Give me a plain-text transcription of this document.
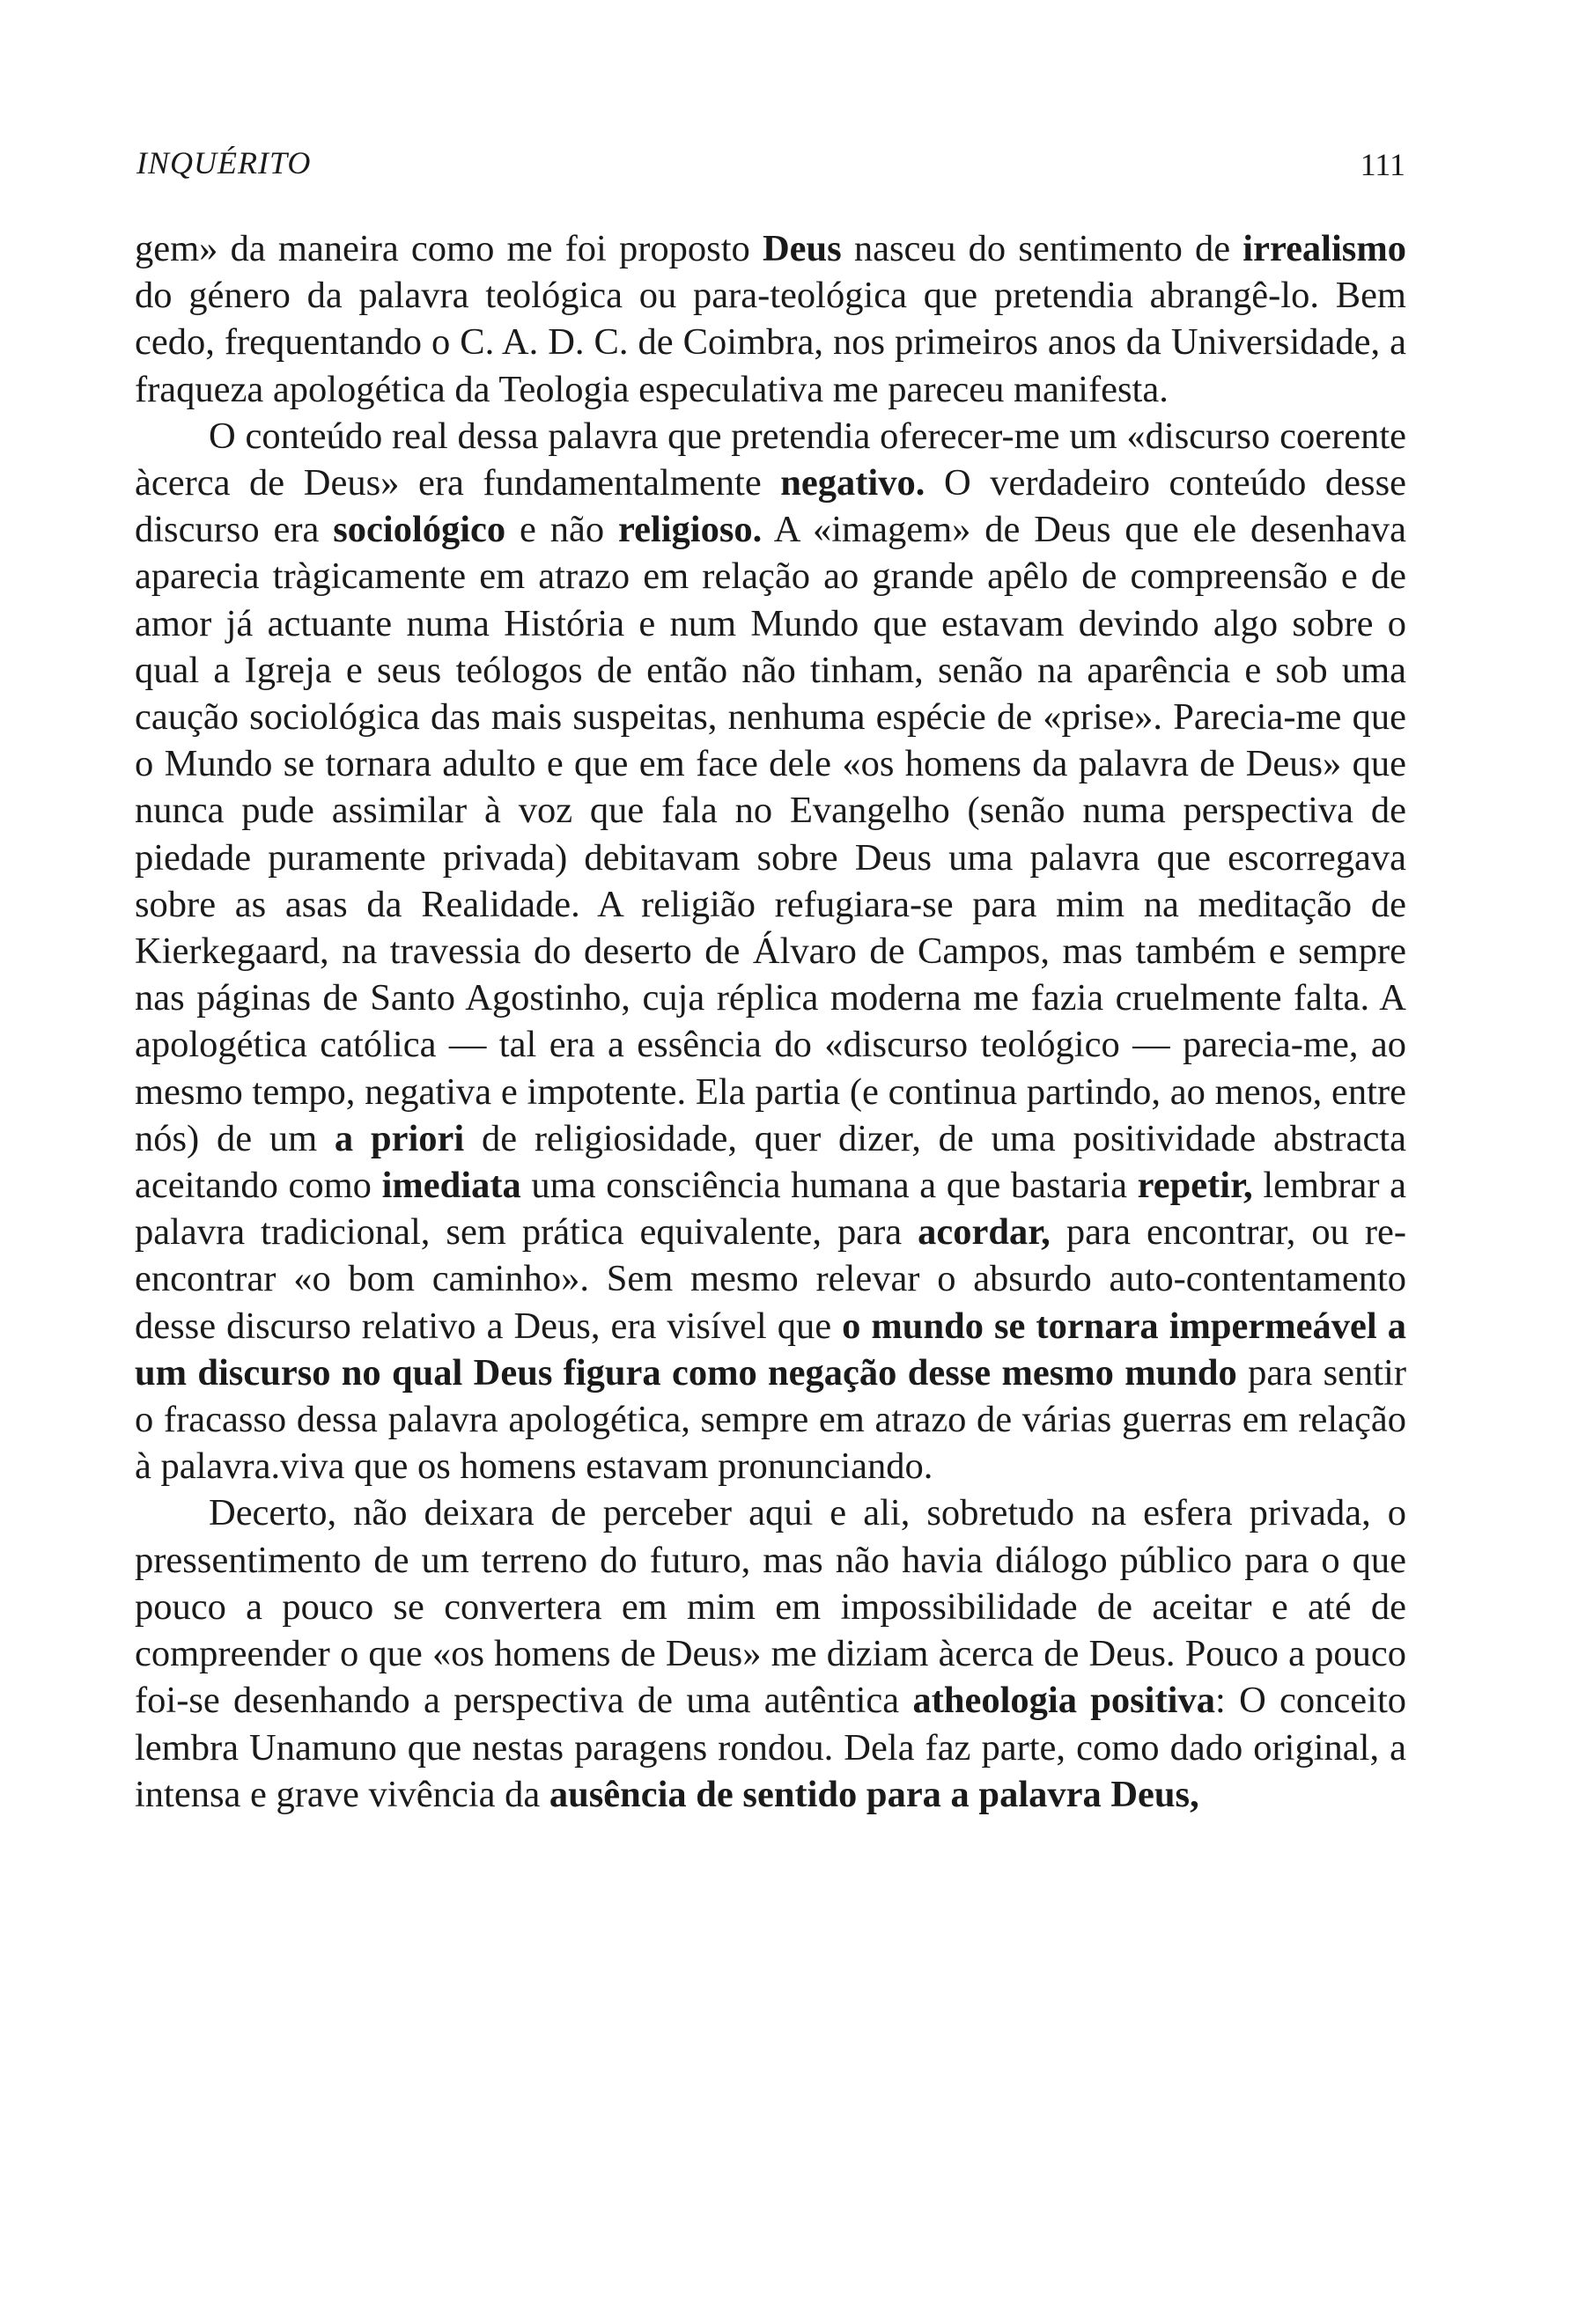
INQUÉRITO	111

gem» da maneira como me foi proposto Deus nasceu do sentimento de irrealismo do género da palavra teológica ou para-teológica que pretendia abrangê-lo. Bem cedo, frequentando o C. A. D. C. de Coimbra, nos primeiros anos da Universidade, a fraqueza apologética da Teologia especulativa me pareceu manifesta.

O conteúdo real dessa palavra que pretendia oferecer-me um «discurso coerente àcerca de Deus» era fundamentalmente negativo. O verdadeiro conteúdo desse discurso era sociológico e não religioso. A «imagem» de Deus que ele desenhava aparecia tràgicamente em atrazo em relação ao grande apêlo de compreensão e de amor já actuante numa História e num Mundo que estavam devindo algo sobre o qual a Igreja e seus teólogos de então não tinham, senão na aparência e sob uma caução sociológica das mais suspeitas, nenhuma espécie de «prise». Parecia-me que o Mundo se tornara adulto e que em face dele «os homens da palavra de Deus» que nunca pude assimilar à voz que fala no Evangelho (senão numa perspectiva de piedade puramente privada) debitavam sobre Deus uma palavra que escorregava sobre as asas da Realidade. A religião refugiara-se para mim na meditação de Kierkegaard, na travessia do deserto de Álvaro de Campos, mas também e sempre nas páginas de Santo Agostinho, cuja réplica moderna me fazia cruelmente falta. A apologética católica — tal era a essência do «discurso teológico — parecia-me, ao mesmo tempo, negativa e impotente. Ela partia (e continua partindo, ao menos, entre nós) de um a priori de religiosidade, quer dizer, de uma positividade abstracta aceitando como imediata uma consciência humana a que bastaria repetir, lembrar a palavra tradicional, sem prática equivalente, para acordar, para encontrar, ou re-encontrar «o bom caminho». Sem mesmo relevar o absurdo auto-contentamento desse discurso relativo a Deus, era visível que o mundo se tornara impermeável a um discurso no qual Deus figura como negação desse mesmo mundo para sentir o fracasso dessa palavra apologética, sempre em atrazo de várias guerras em relação à palavra.viva que os homens estavam pronunciando.

Decerto, não deixara de perceber aqui e ali, sobretudo na esfera privada, o pressentimento de um terreno do futuro, mas não havia diálogo público para o que pouco a pouco se convertera em mim em impossibilidade de aceitar e até de compreender o que «os homens de Deus» me diziam àcerca de Deus. Pouco a pouco foi-se desenhando a perspectiva de uma autêntica atheologia positiva: O conceito lembra Unamuno que nestas paragens rondou. Dela faz parte, como dado original, a intensa e grave vivência da ausência de sentido para a palavra Deus,
